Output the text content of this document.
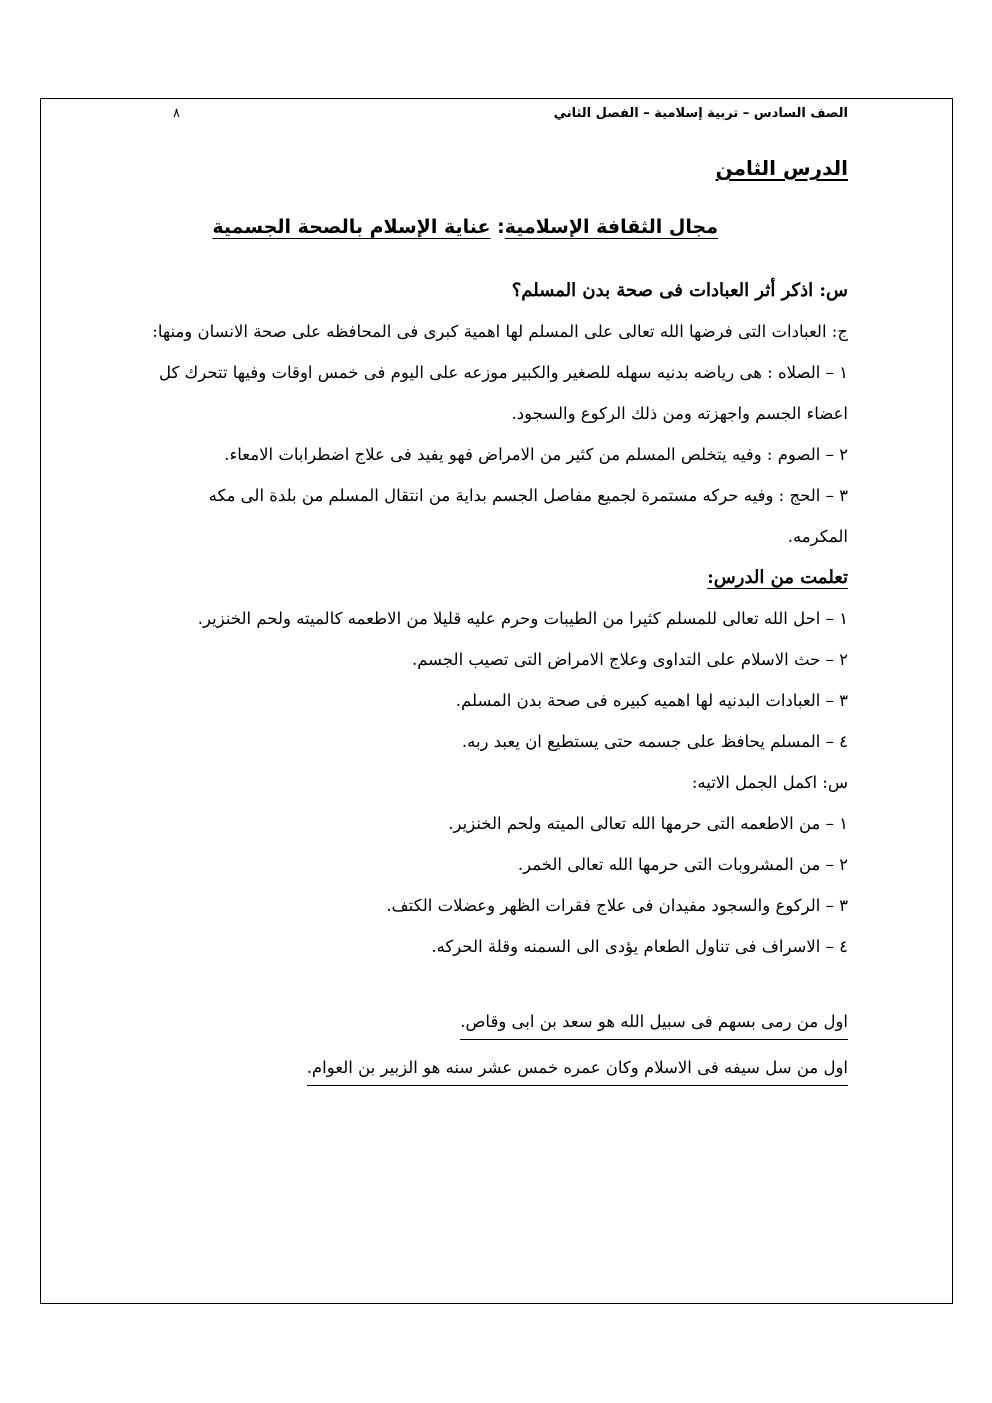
الصف السادس – تربية إسلامية – الفصل الثاني
٨
الدرس الثامن
مجال الثقافة الإسلامية: عناية الإسلام بالصحة الجسمية

س: اذكر أثر العبادات فى صحة بدن المسلم؟

ج: العبادات التى فرضها الله تعالى على المسلم لها اهمية كبرى فى المحافظه على صحة الانسان ومنها:

١ – الصلاه : هى رياضه بدنيه سهله للصغير والكبير موزعه على اليوم فى خمس اوقات وفيها تتحرك كل اعضاء الجسم واجهزته ومن ذلك الركوع والسجود.

٢ – الصوم : وفيه يتخلص المسلم من كثير من الامراض فهو يفيد فى علاج اضطرابات الامعاء.

٣ – الحج : وفيه حركه مستمرة لجميع مفاصل الجسم بداية من انتقال المسلم من بلدة الى مكه المكرمه.

تعلمت من الدرس:

١ – احل الله تعالى للمسلم كثيرا من الطيبات وحرم عليه قليلا من الاطعمه كالميته ولحم الخنزير.

٢ – حث الاسلام على التداوى وعلاج الامراض التى تصيب الجسم.

٣ – العبادات البدنيه لها اهميه كبيره فى صحة بدن المسلم.

٤ – المسلم يحافظ على جسمه حتى يستطيع ان يعبد ربه.

س: اكمل الجمل الاتيه:

١ – من الاطعمه التى حرمها الله تعالى الميته ولحم الخنزير.

٢ – من المشروبات التى حرمها الله تعالى الخمر.

٣ – الركوع والسجود مفيدان فى علاج فقرات الظهر وعضلات الكتف.

٤ – الاسراف فى تناول الطعام يؤدى الى السمنه وقلة الحركه.

اول من رمى بسهم فى سبيل الله هو سعد بن ابى وقاص.
اول من سل سيفه فى الاسلام وكان عمره خمس عشر سنه هو الزبير بن العوام.
